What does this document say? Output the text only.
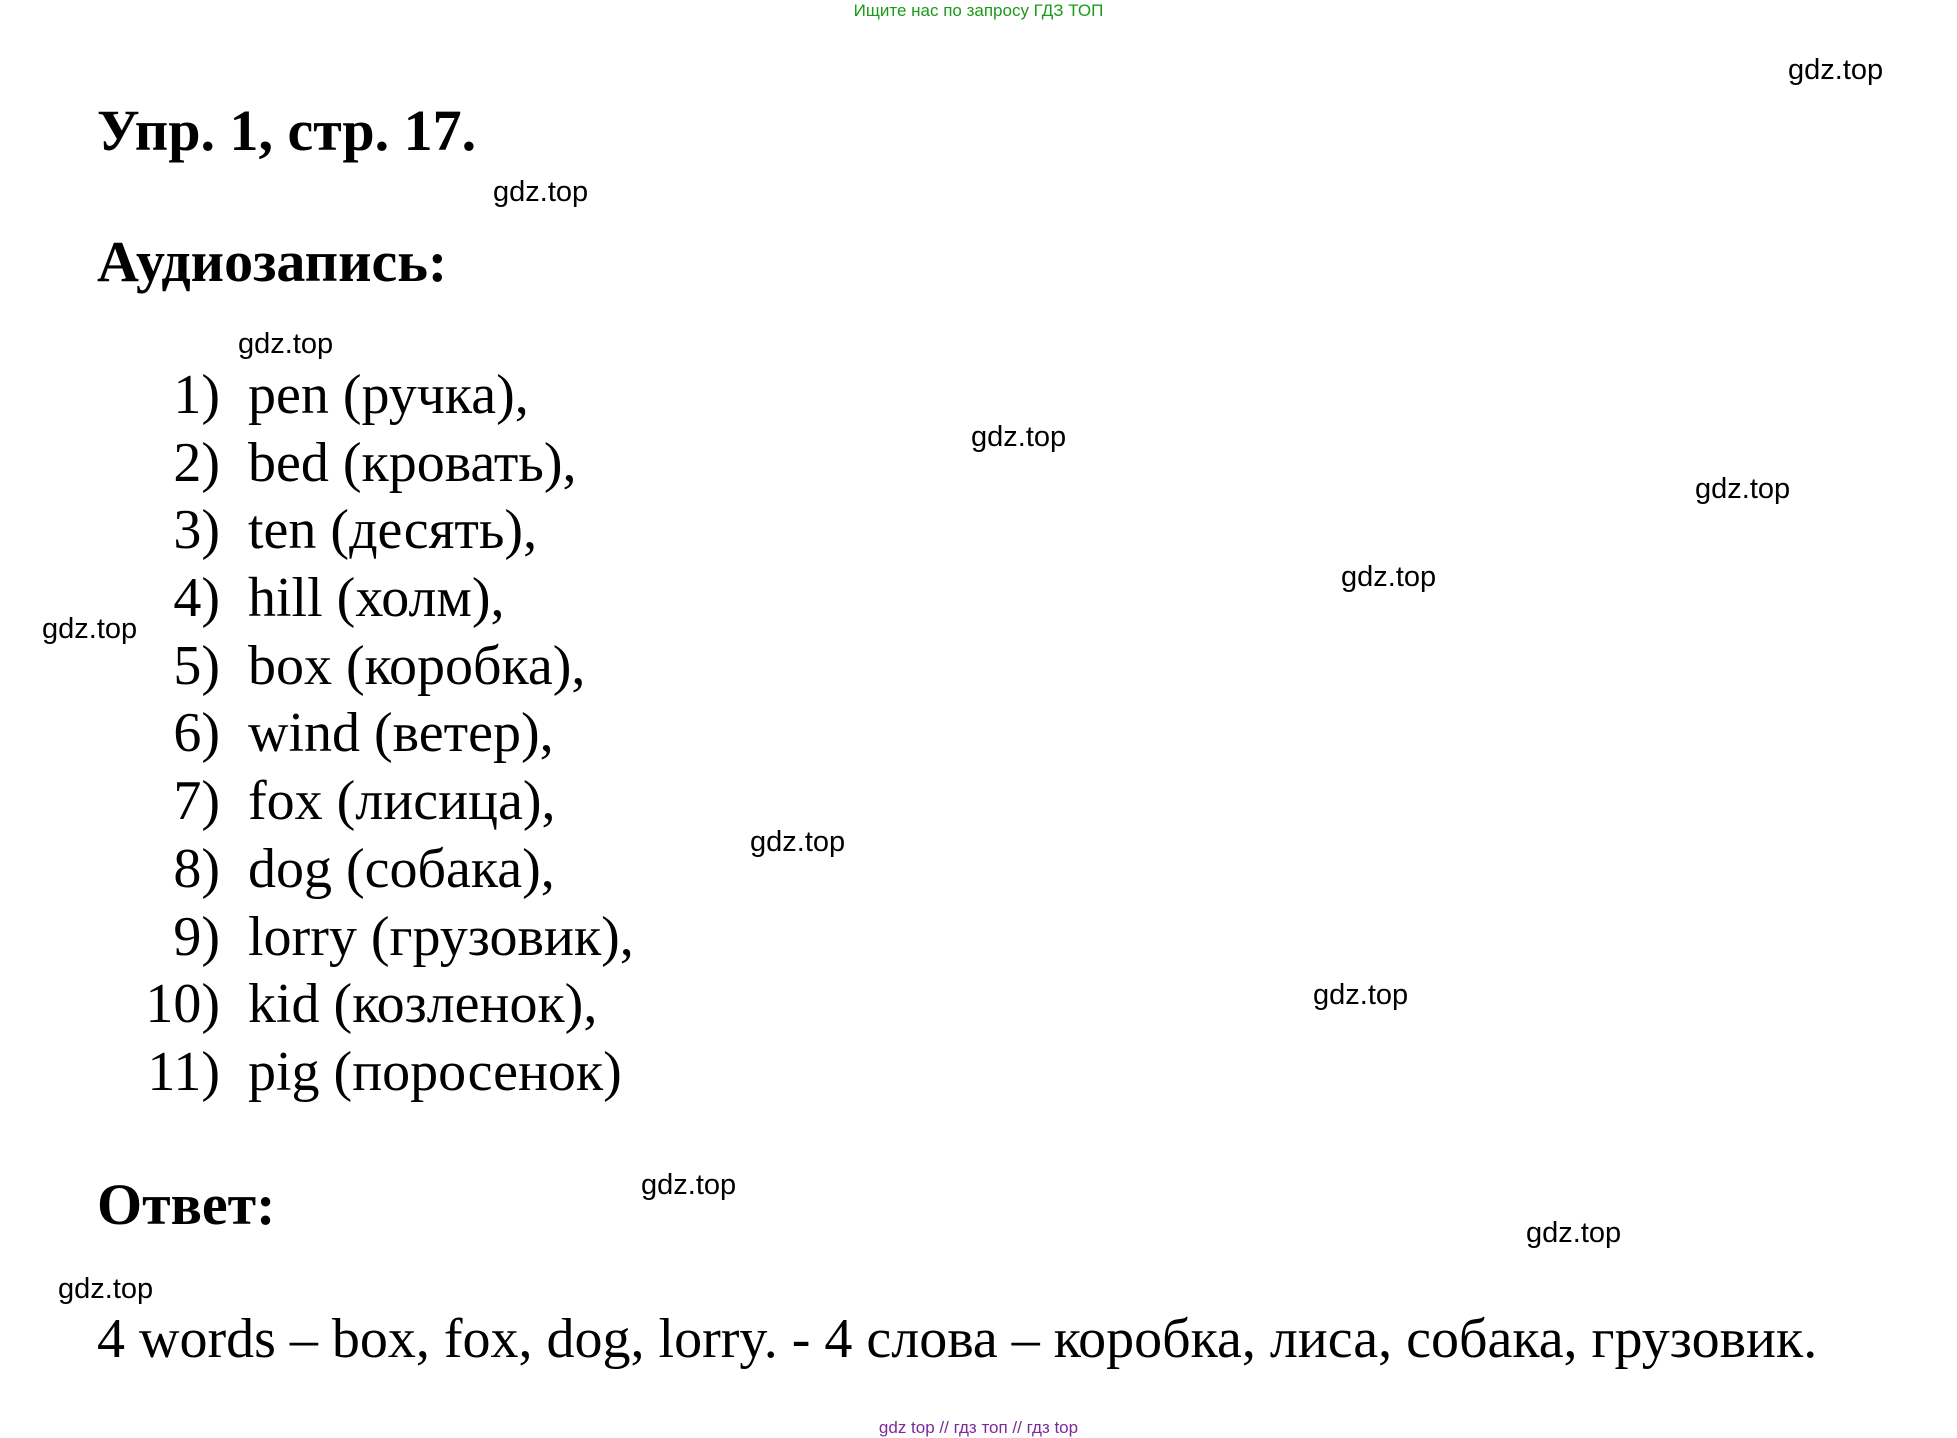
Ищите нас по запросу ГДЗ ТОП
Упр. 1, стр. 17.
Аудиозапись:
1) pen (ручка),
2) bed (кровать),
3) ten (десять),
4) hill (холм),
5) box (коробка),
6) wind (ветер),
7) fox (лисица),
8) dog (собака),
9) lorry (грузовик),
10) kid (козленок),
11) pig (поросенок)
Ответ:

4 words – box, fox, dog, lorry. - 4 слова – коробка, лиса, собака, грузовик.

gdz.top
gdz.top
gdz.top
gdz.top
gdz.top
gdz.top
gdz.top
gdz.top
gdz.top
gdz.top
gdz.top
gdz.top
gdz top // гдз топ // гдз top
